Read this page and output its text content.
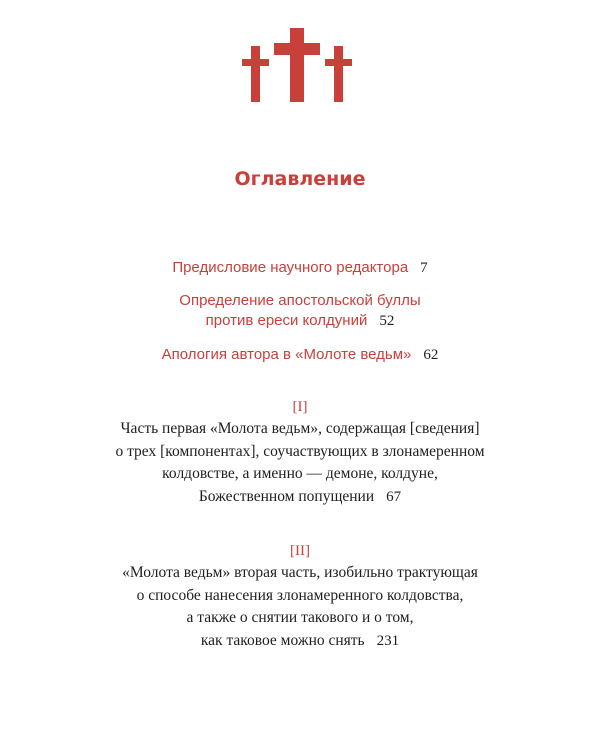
Оглавление
Предисловие научного редактора 7
Определение апостольской буллы
против ереси колдуний 52
Апология автора в «Молоте ведьм» 62
[I]
Часть первая «Молота ведьм», содержащая [сведения]
о трех [компонентах], соучаствующих в злонамеренном
колдовстве, а именно — демоне, колдуне,
Божественном попущении 67
[II]
«Молота ведьм» вторая часть, изобильно трактующая
о способе нанесения злонамеренного колдовства,
а также о снятии такового и о том,
как таковое можно снять 231
